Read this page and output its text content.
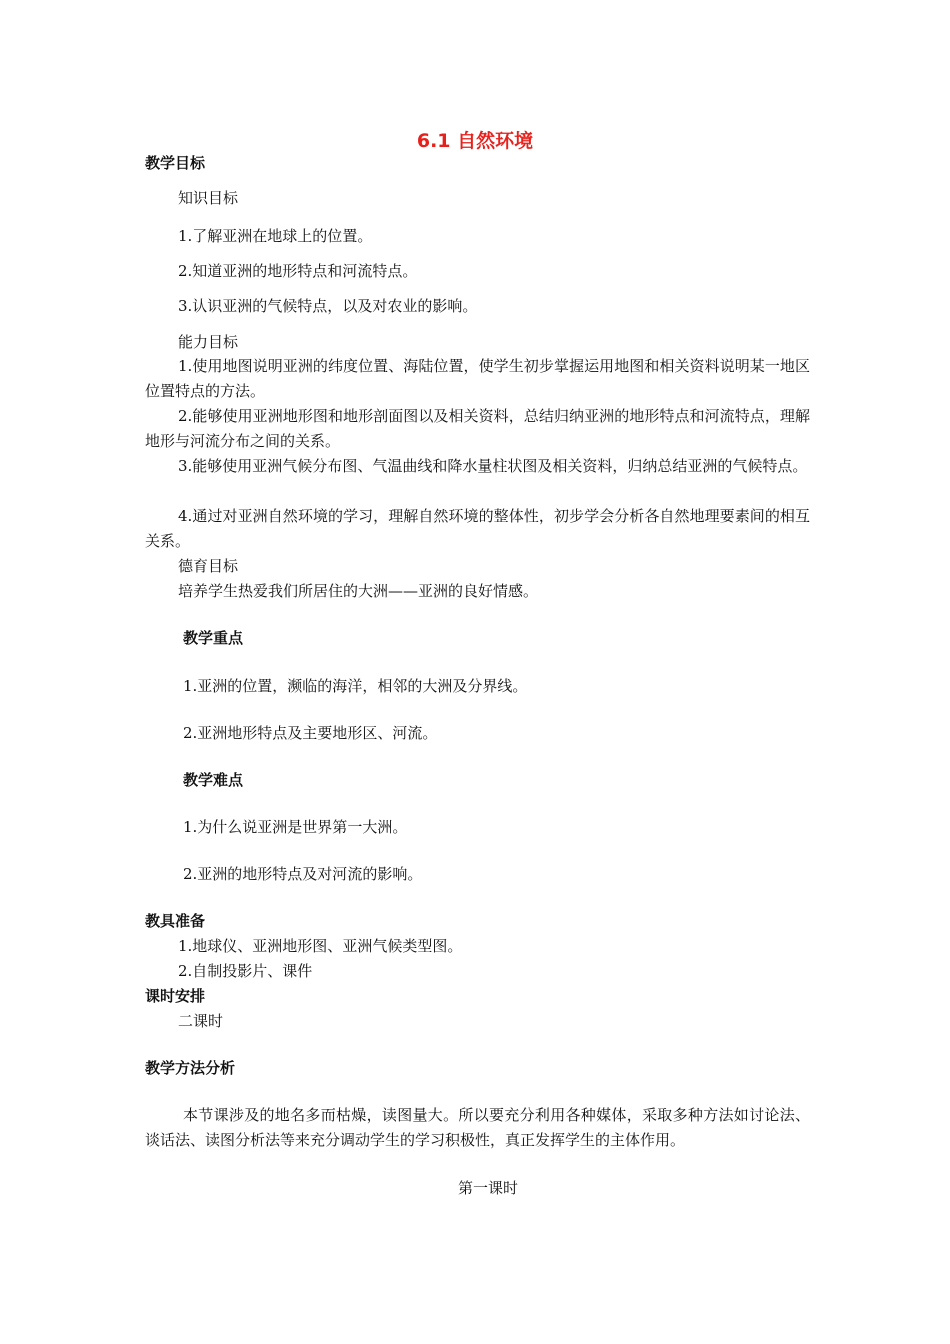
6.1 自然环境
教学目标
知识目标
1.了解亚洲在地球上的位置。
2.知道亚洲的地形特点和河流特点。
3.认识亚洲的气候特点，以及对农业的影响。
能力目标
1.使用地图说明亚洲的纬度位置、海陆位置，使学生初步掌握运用地图和相关资料说明某一地区位置特点的方法。
2.能够使用亚洲地形图和地形剖面图以及相关资料，总结归纳亚洲的地形特点和河流特点，理解地形与河流分布之间的关系。
3.能够使用亚洲气候分布图、气温曲线和降水量柱状图及相关资料，归纳总结亚洲的气候特点。
4.通过对亚洲自然环境的学习，理解自然环境的整体性，初步学会分析各自然地理要素间的相互关系。
德育目标
培养学生热爱我们所居住的大洲——亚洲的良好情感。
教学重点
1.亚洲的位置，濒临的海洋，相邻的大洲及分界线。
2.亚洲地形特点及主要地形区、河流。
教学难点
1.为什么说亚洲是世界第一大洲。
2.亚洲的地形特点及对河流的影响。
教具准备
1.地球仪、亚洲地形图、亚洲气候类型图。
2.自制投影片、课件
课时安排
二课时
教学方法分析
本节课涉及的地名多而枯燥，读图量大。所以要充分利用各种媒体，采取多种方法如讨论法、谈话法、读图分析法等来充分调动学生的学习积极性，真正发挥学生的主体作用。
第一课时
